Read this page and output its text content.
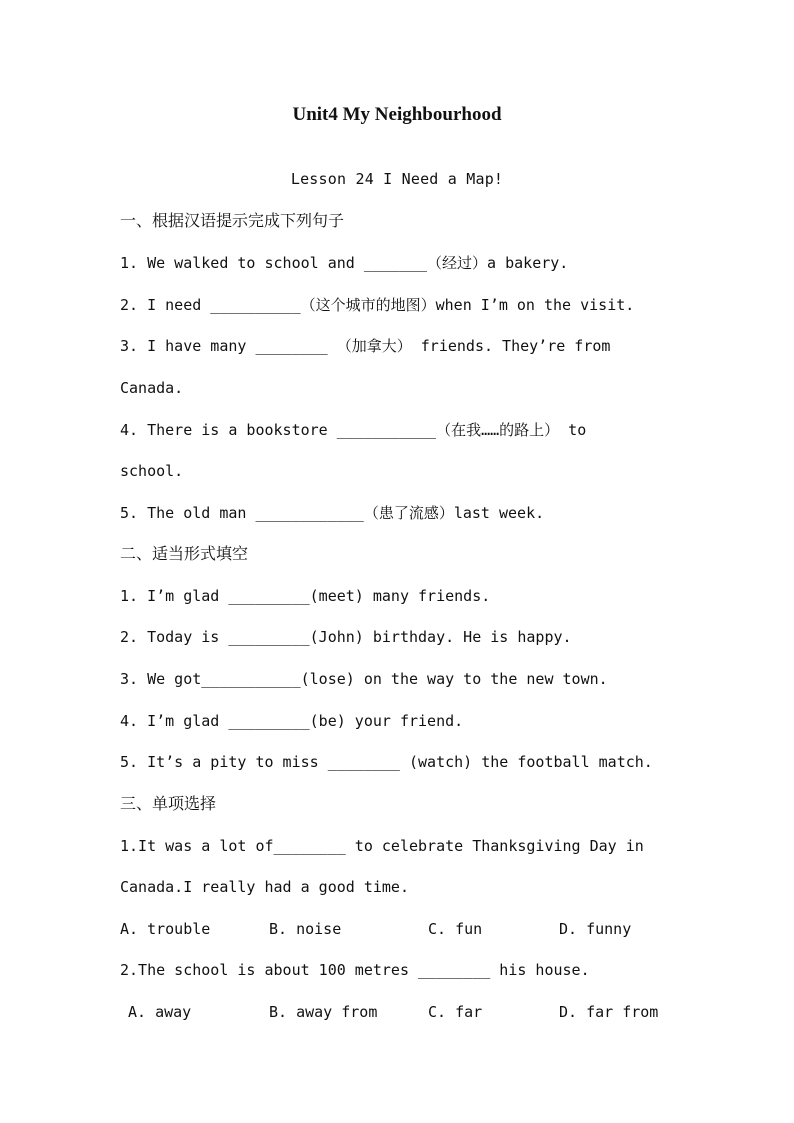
Unit4 My Neighbourhood
Lesson 24 I Need a Map!
一、根据汉语提示完成下列句子
1. We walked to school and _______（经过）a bakery.
2. I need __________（这个城市的地图）when I’m on the visit.
3. I have many ________ （加拿大） friends. They’re from
Canada.
4. There is a bookstore ___________（在我……的路上） to
school.
5. The old man ____________（患了流感）last week.
二、适当形式填空
1. I’m glad _________(meet) many friends.
2. Today is _________(John) birthday. He is happy.
3. We got___________(lose) on the way to the new town.
4. I’m glad _________(be) your friend.
5. It’s a pity to miss ________ (watch) the football match.
三、单项选择
1.It was a lot of________ to celebrate Thanksgiving Day in
Canada.I really had a good time.
A. trouble	B. noise	C. fun	D. funny
2.The school is about 100 metres ________ his house.
A. away	B. away from	C. far	D. far from
